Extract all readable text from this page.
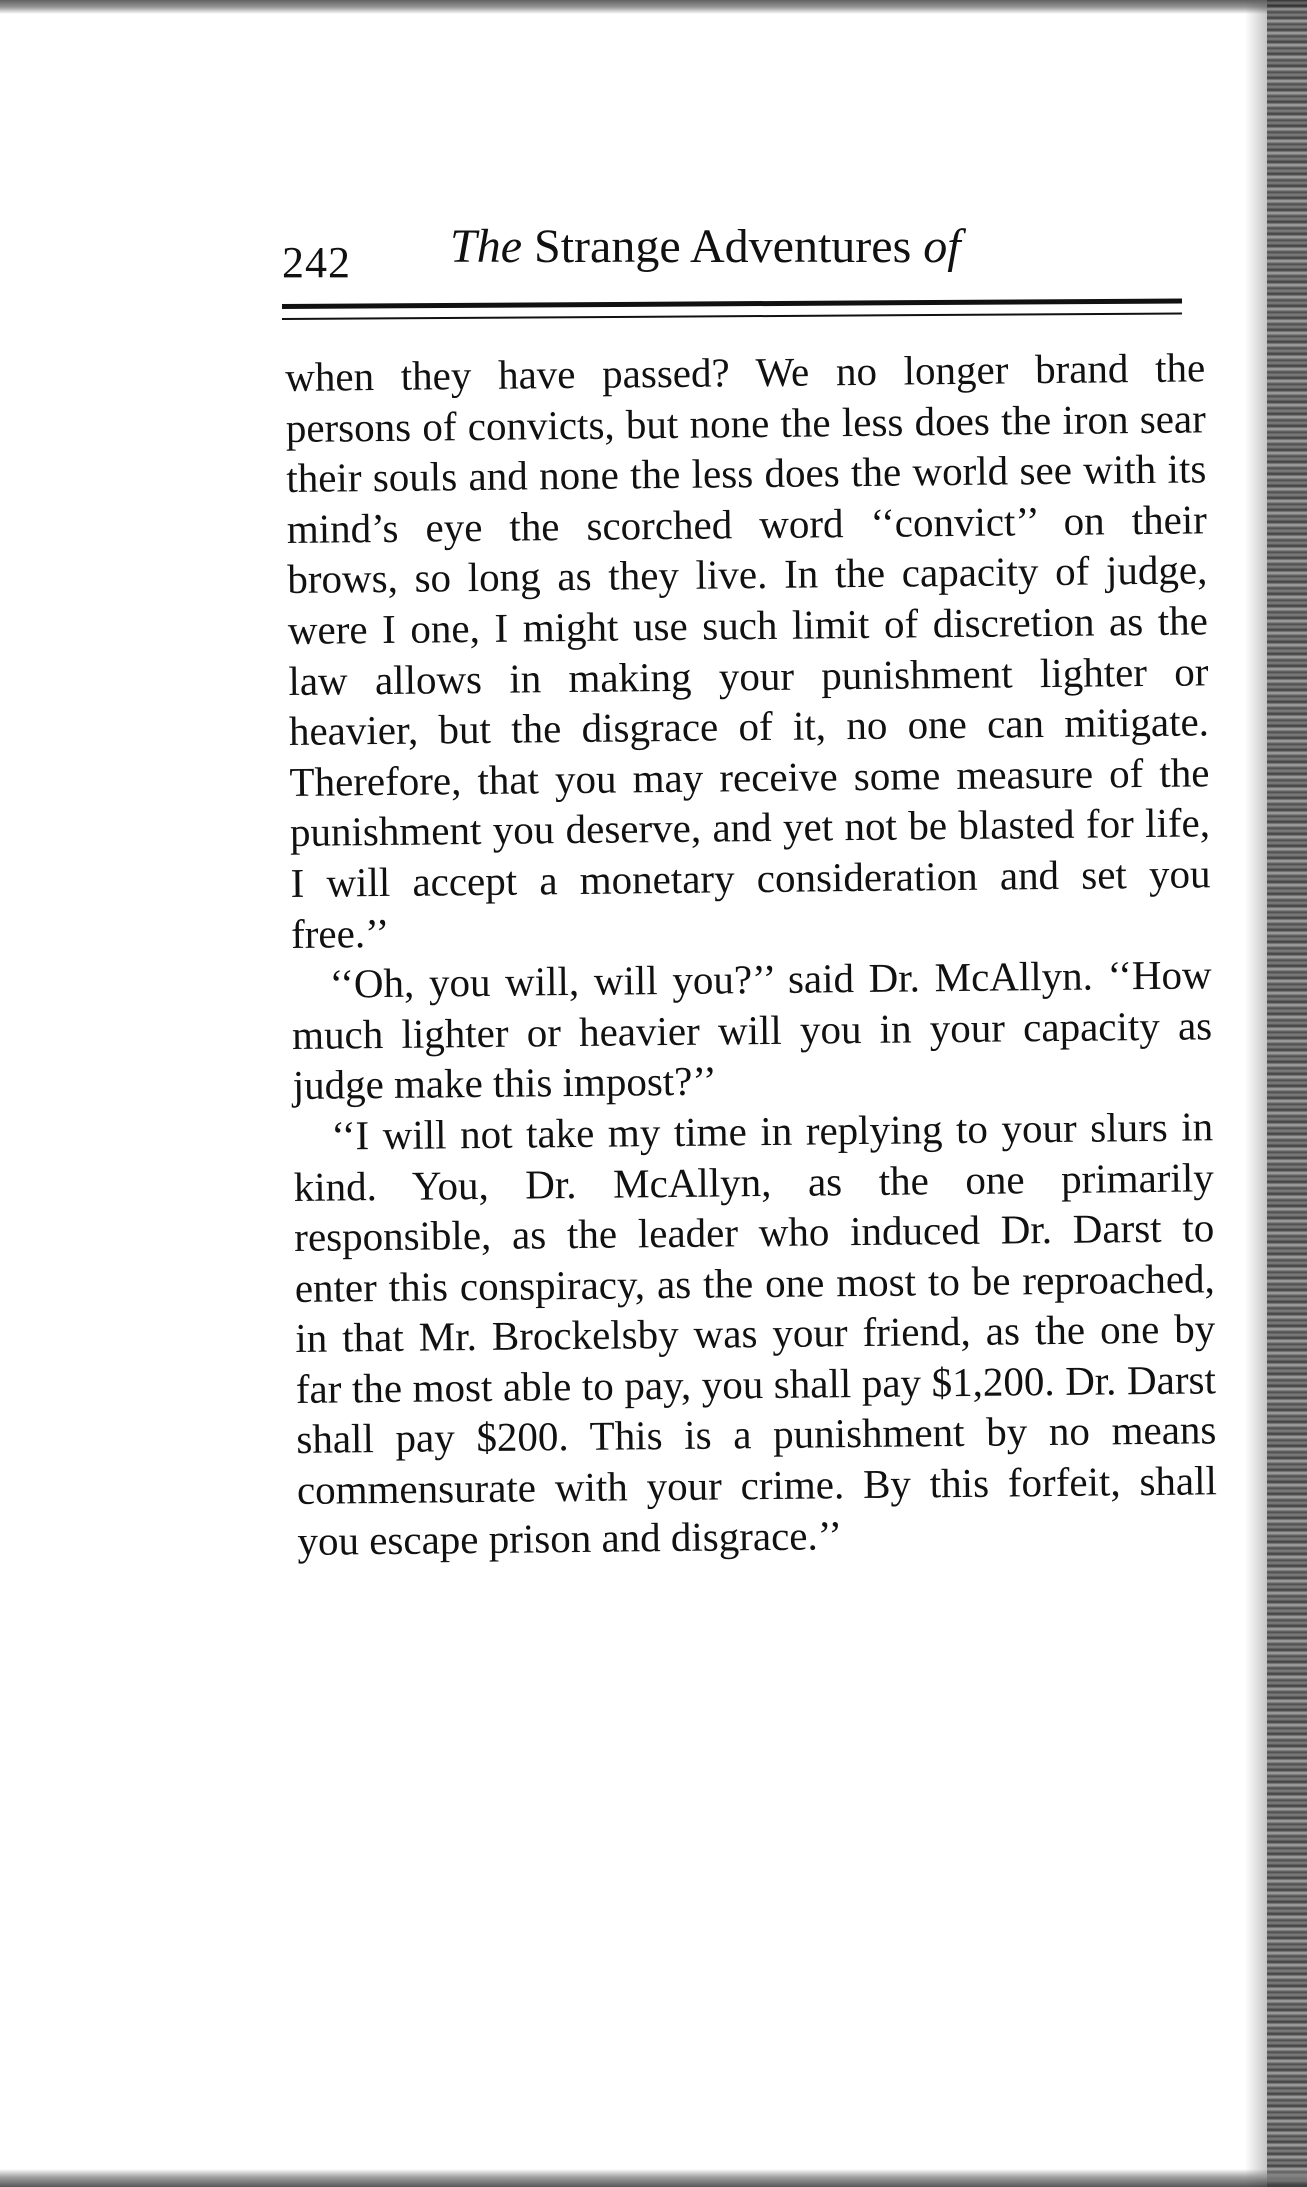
242 The Strange Adventures of

when they have passed? We no longer brand the persons of convicts, but none the less does the iron sear their souls and none the less does the world see with its mind’s eye the scorched word ‘‘convict’’ on their brows, so long as they live. In the capacity of judge, were I one, I might use such limit of discretion as the law allows in making your punishment lighter or heavier, but the disgrace of it, no one can mitigate. Therefore, that you may receive some measure of the punishment you deserve, and yet not be blasted for life, I will accept a monetary consideration and set you free.’’

‘‘Oh, you will, will you?’’ said Dr. McAllyn. ‘‘How much lighter or heavier will you in your capacity as judge make this impost?’’

‘‘I will not take my time in replying to your slurs in kind. You, Dr. McAllyn, as the one primarily responsible, as the leader who induced Dr. Darst to enter this conspiracy, as the one most to be reproached, in that Mr. Brockelsby was your friend, as the one by far the most able to pay, you shall pay $1,200. Dr. Darst shall pay $200. This is a punishment by no means commensurate with your crime. By this forfeit, shall you escape prison and disgrace.’’
